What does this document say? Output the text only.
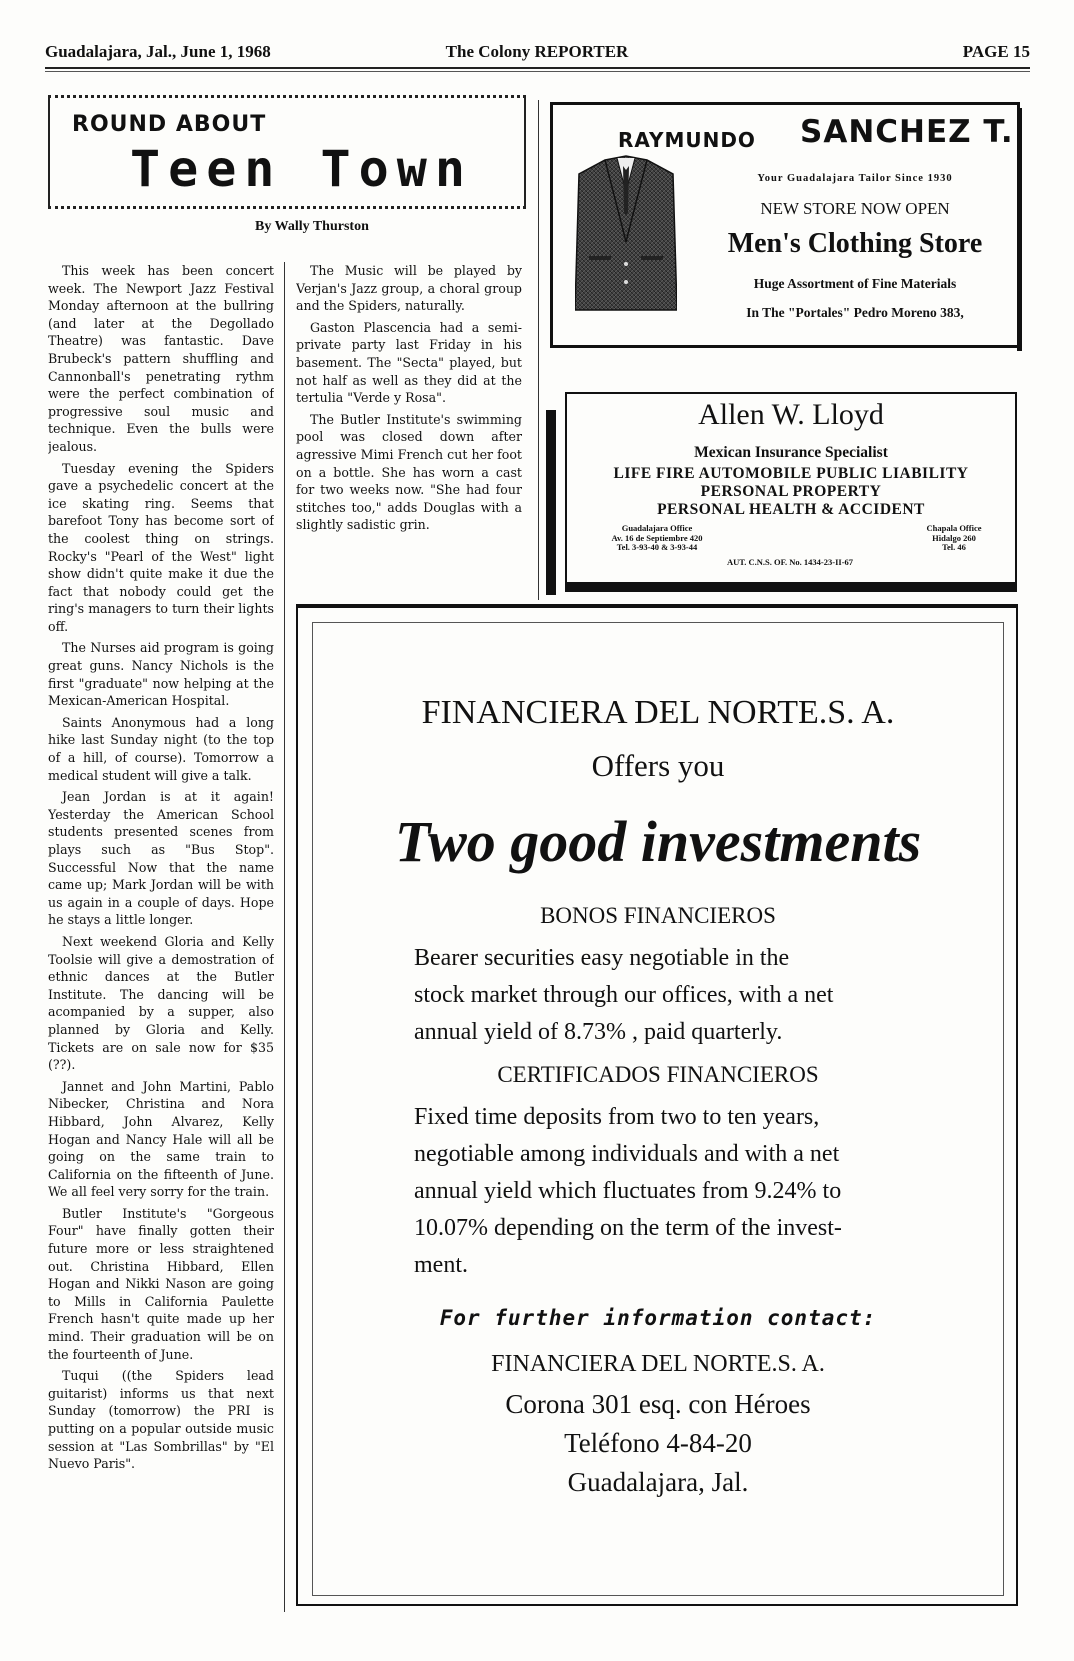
Guadalajara, Jal., June 1, 1968	The Colony REPORTER	PAGE 15
ROUND ABOUT
Teen Town
By Wally Thurston

This week has been concert week. The Newport Jazz Festival Monday afternoon at the bullring (and later at the Degollado Theatre) was fantastic. Dave Brubeck's pattern shuffling and Cannonball's penetrating rythm were the perfect combination of progressive soul music and technique. Even the bulls were jealous.

Tuesday evening the Spiders gave a psychedelic concert at the ice skating ring. Seems that barefoot Tony has become sort of the coolest thing on strings. Rocky's "Pearl of the West" light show didn't quite make it due the fact that nobody could get the ring's managers to turn their lights off.

The Nurses aid program is going great guns. Nancy Nichols is the first "graduate" now helping at the Mexican-American Hospital.

Saints Anonymous had a long hike last Sunday night (to the top of a hill, of course). Tomorrow a medical student will give a talk.

Jean Jordan is at it again! Yesterday the American School students presented scenes from plays such as "Bus Stop". Successful Now that the name came up; Mark Jordan will be with us again in a couple of days. Hope he stays a little longer.

Next weekend Gloria and Kelly Toolsie will give a demostration of ethnic dances at the Butler Institute. The dancing will be acompanied by a supper, also planned by Gloria and Kelly. Tickets are on sale now for $35 (??).

Jannet and John Martini, Pablo Nibecker, Christina and Nora Hibbard, John Alvarez, Kelly Hogan and Nancy Hale will all be going on the same train to California on the fifteenth of June. We all feel very sorry for the train.

Butler Institute's "Gorgeous Four" have finally gotten their future more or less straightened out. Christina Hibbard, Ellen Hogan and Nikki Nason are going to Mills in California Paulette French hasn't quite made up her mind. Their graduation will be on the fourteenth of June.

Tuqui ((the Spiders lead guitarist) informs us that next Sunday (tomorrow) the PRI is putting on a popular outside music session at "Las Sombrillas" by "El Nuevo Paris".

The Music will be played by Verjan's Jazz group, a choral group and the Spiders, naturally.

Gaston Plascencia had a semi-private party last Friday in his basement. The "Secta" played, but not half as well as they did at the tertulia "Verde y Rosa".

The Butler Institute's swimming pool was closed down after agressive Mimi French cut her foot on a bottle. She has worn a cast for two weeks now. "She had four stitches too," adds Douglas with a slightly sadistic grin.

RAYMUNDO SANCHEZ T.
Your Guadalajara Tailor Since 1930
NEW STORE NOW OPEN
Men's Clothing Store
Huge Assortment of Fine Materials
In The "Portales" Pedro Moreno 383,
Allen W. Lloyd
Mexican Insurance Specialist
LIFE FIRE AUTOMOBILE PUBLIC LIABILITY
PERSONAL PROPERTY
PERSONAL HEALTH & ACCIDENT
Guadalajara Office
Av. 16 de Septiembre 420
Tel. 3-93-40 & 3-93-44
Chapala Office
Hidalgo 260
Tel. 46
AUT. C.N.S. OF. No. 1434-23-II-67
FINANCIERA DEL NORTE.S. A.
Offers you
Two good investments
BONOS FINANCIEROS
Bearer securities easy negotiable in the
stock market through our offices, with a net
annual yield of 8.73% , paid quarterly.
CERTIFICADOS FINANCIEROS
Fixed time deposits from two to ten years,
negotiable among individuals and with a net
annual yield which fluctuates from 9.24% to
10.07% depending on the term of the invest-
ment.
For further information contact:
FINANCIERA DEL NORTE.S. A.
Corona 301 esq. con Héroes
Teléfono 4-84-20
Guadalajara, Jal.
